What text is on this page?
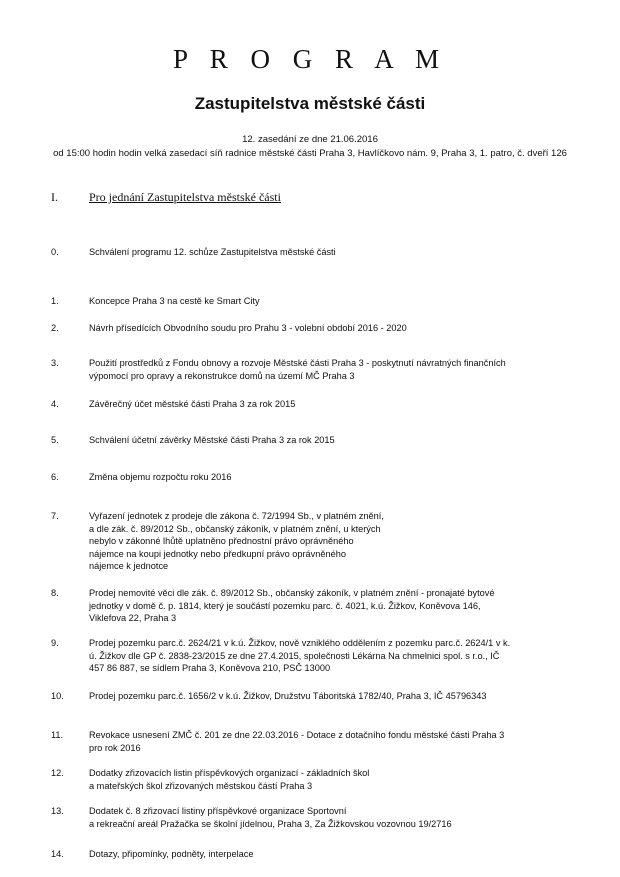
P R O G R A M
Zastupitelstva městské části
12. zasedání ze dne 21.06.2016
od 15:00 hodin hodin velká zasedací síň radnice městské části Praha 3, Havlíčkovo nám. 9, Praha 3, 1. patro, č. dveří 126
I.	Pro jednání Zastupitelstva městské části
0.	Schválení programu 12. schůze Zastupitelstva městské části
1.	Koncepce Praha 3 na cestě ke Smart City
2.	Návrh přísedících Obvodního soudu pro Prahu 3 - volební období 2016 - 2020
3.	Použití prostředků z Fondu obnovy a rozvoje Městské části Praha 3 - poskytnutí návratných finančních
výpomocí pro opravy a rekonstrukce domů na území MČ Praha 3
4.	Závěrečný účet městské části Praha 3 za rok 2015
5.	Schválení účetní závěrky Městské části Praha 3 za rok 2015
6.	Změna objemu rozpočtu roku 2016
7.	Vyřazení jednotek z prodeje dle zákona č. 72/1994 Sb., v platném znění,
a dle zák. č. 89/2012 Sb., občanský zákoník, v platném znění, u kterých
nebylo v zákonné lhůtě uplatněno přednostní právo oprávněného
nájemce na koupi jednotky nebo předkupní právo oprávněného
nájemce k jednotce
8.	Prodej nemovité věci dle zák. č. 89/2012 Sb., občanský zákoník, v platném znění - pronajaté bytové
jednotky v domě č. p. 1814, který je součástí pozemku parc. č. 4021, k.ú. Žižkov, Koněvova 146,
Viklefova 22, Praha 3
9.	Prodej pozemku parc.č. 2624/21 v k.ú. Žižkov, nově vzniklého oddělením z pozemku parc.č. 2624/1 v k.
ú. Žižkov dle GP č. 2838-23/2015 ze dne 27.4.2015, společnosti Lékárna Na chmelnici spol. s r.o., IČ
457 86 887, se sídlem Praha 3, Koněvova 210, PSČ 13000
10.	Prodej pozemku parc.č. 1656/2 v k.ú. Žižkov, Družstvu Táboritská 1782/40, Praha 3, IČ 45796343
11.	Revokace usnesení ZMČ č. 201 ze dne 22.03.2016 - Dotace z dotačního fondu městské části Praha 3
pro rok 2016
12.	Dodatky zřizovacích listin příspěvkových organizací - základních škol
a mateřských škol zřizovaných městskou částí Praha 3
13.	Dodatek č. 8 zřizovací listiny příspěvkové organizace Sportovní
a rekreační areál Pražačka se školní jídelnou, Praha 3, Za Žižkovskou vozovnou 19/2716
14.	Dotazy, připomínky, podněty, interpelace
